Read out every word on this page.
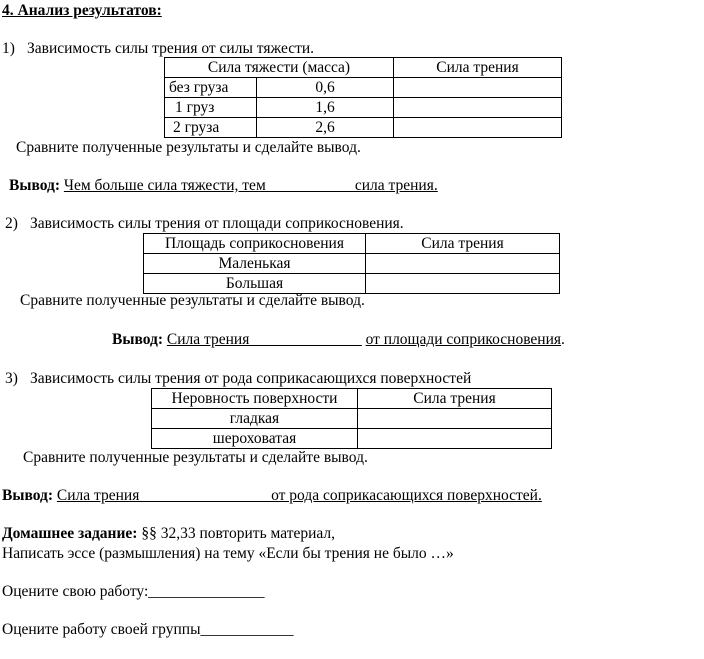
4. Анализ результатов:
1) Зависимость силы трения от силы тяжести.
Сила тяжести (масса)		Сила трения
без груза	0,6	
1 груз	1,6	
2 груза	2,6	
Сравните полученные результаты и сделайте вывод.
Вывод: Чем больше сила тяжести, тем ___________сила трения.
2) Зависимость силы трения от площади соприкосновения.
Площадь соприкосновения	Сила трения
Маленькая	
Большая	
Сравните полученные результаты и сделайте вывод.
Вывод: Сила трения ______________ от площади соприкосновения.
3) Зависимость силы трения от рода соприкасающихся поверхностей
Неровность поверхности	Сила трения
гладкая	
шероховатая	
Сравните полученные результаты и сделайте вывод.
Вывод: Сила трения_________________от рода соприкасающихся поверхностей.
Домашнее задание: §§ 32,33 повторить материал,
Написать эссе (размышления) на тему «Если бы трения не было …»
Оцените свою работу:_______________
Оцените работу своей группы____________
